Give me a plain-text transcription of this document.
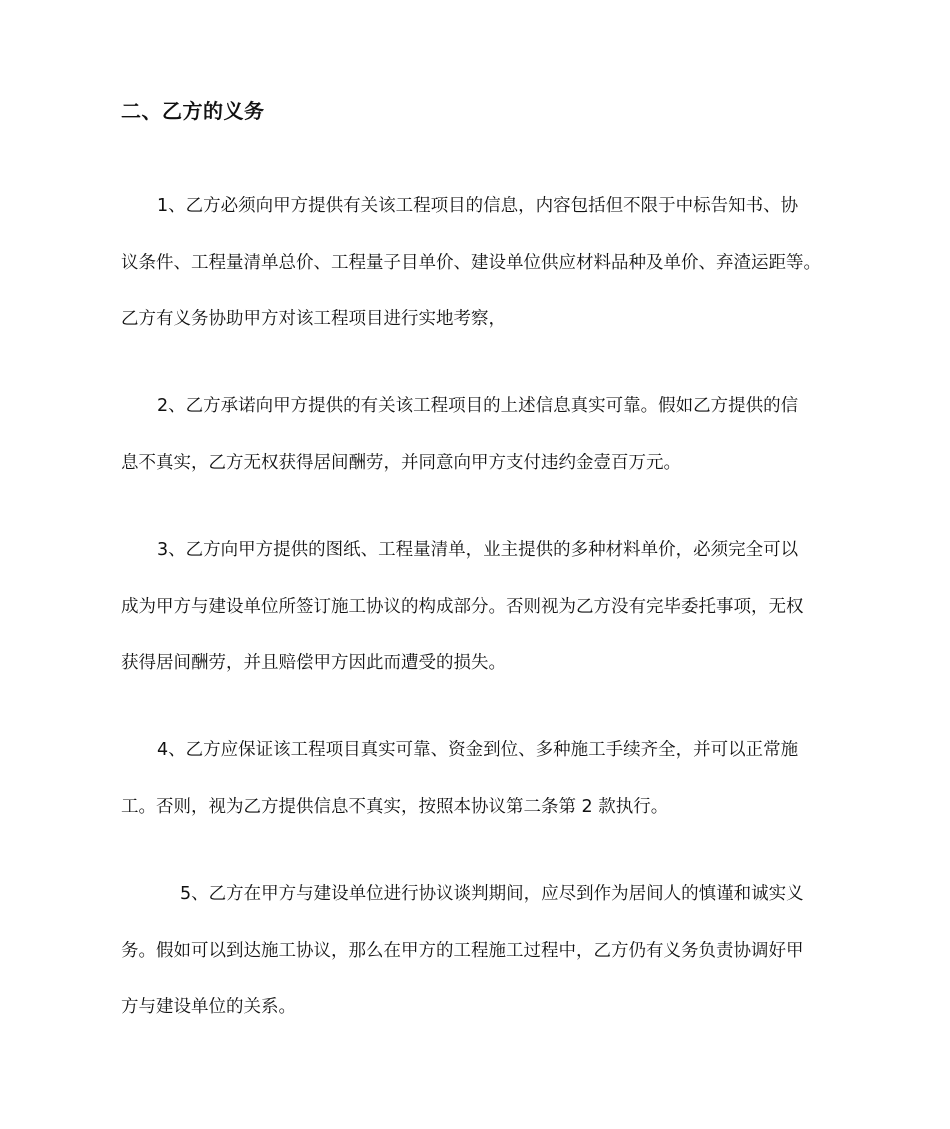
二、乙方的义务
1、乙方必须向甲方提供有关该工程项目的信息，内容包括但不限于中标告知书、协
议条件、工程量清单总价、工程量子目单价、建设单位供应材料品种及单价、弃渣运距等。
乙方有义务协助甲方对该工程项目进行实地考察，
2、乙方承诺向甲方提供的有关该工程项目的上述信息真实可靠。假如乙方提供的信
息不真实，乙方无权获得居间酬劳，并同意向甲方支付违约金壹百万元。
3、乙方向甲方提供的图纸、工程量清单，业主提供的多种材料单价，必须完全可以
成为甲方与建设单位所签订施工协议的构成部分。否则视为乙方没有完毕委托事项，无权
获得居间酬劳，并且赔偿甲方因此而遭受的损失。
4、乙方应保证该工程项目真实可靠、资金到位、多种施工手续齐全，并可以正常施
工。否则，视为乙方提供信息不真实，按照本协议第二条第 2 款执行。
5、乙方在甲方与建设单位进行协议谈判期间，应尽到作为居间人的慎谨和诚实义
务。假如可以到达施工协议，那么在甲方的工程施工过程中，乙方仍有义务负责协调好甲
方与建设单位的关系。
